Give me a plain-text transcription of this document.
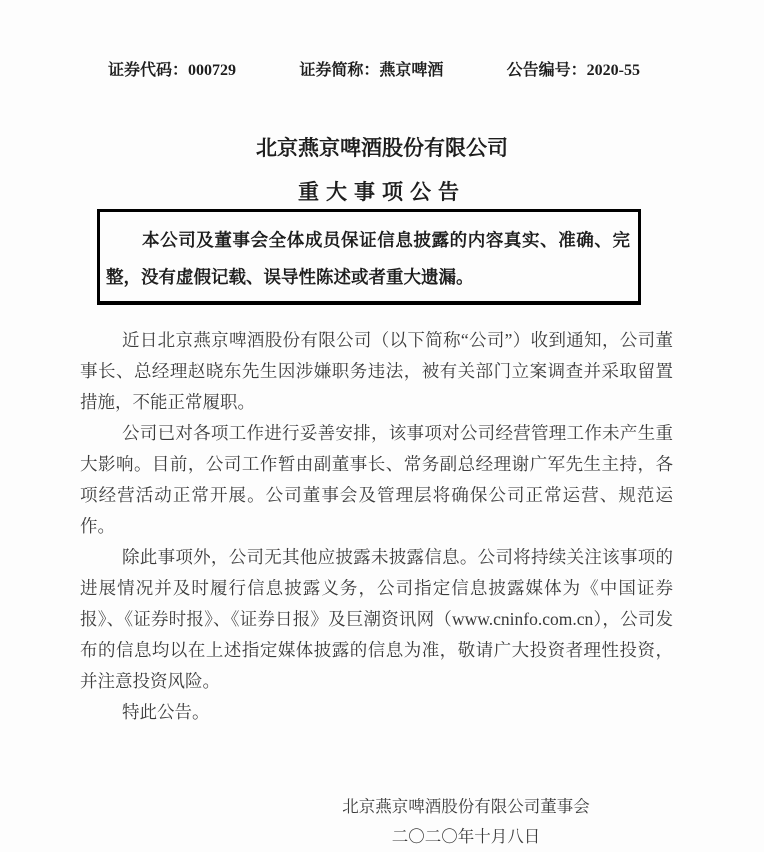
证券代码：000729	证券简称：燕京啤酒	公告编号：2020-55
北京燕京啤酒股份有限公司
重大事项公告
本公司及董事会全体成员保证信息披露的内容真实、准确、完整，没有虚假记载、误导性陈述或者重大遗漏。

近日北京燕京啤酒股份有限公司（以下简称“公司”）收到通知，公司董事长、总经理赵晓东先生因涉嫌职务违法，被有关部门立案调查并采取留置措施，不能正常履职。

公司已对各项工作进行妥善安排，该事项对公司经营管理工作未产生重大影响。目前，公司工作暂由副董事长、常务副总经理谢广军先生主持，各项经营活动正常开展。公司董事会及管理层将确保公司正常运营、规范运作。

除此事项外，公司无其他应披露未披露信息。公司将持续关注该事项的进展情况并及时履行信息披露义务，公司指定信息披露媒体为《中国证券报》、《证券时报》、《证券日报》及巨潮资讯网（www.cninfo.com.cn），公司发布的信息均以在上述指定媒体披露的信息为准，敬请广大投资者理性投资，并注意投资风险。

特此公告。

北京燕京啤酒股份有限公司董事会
二〇二〇年十月八日
